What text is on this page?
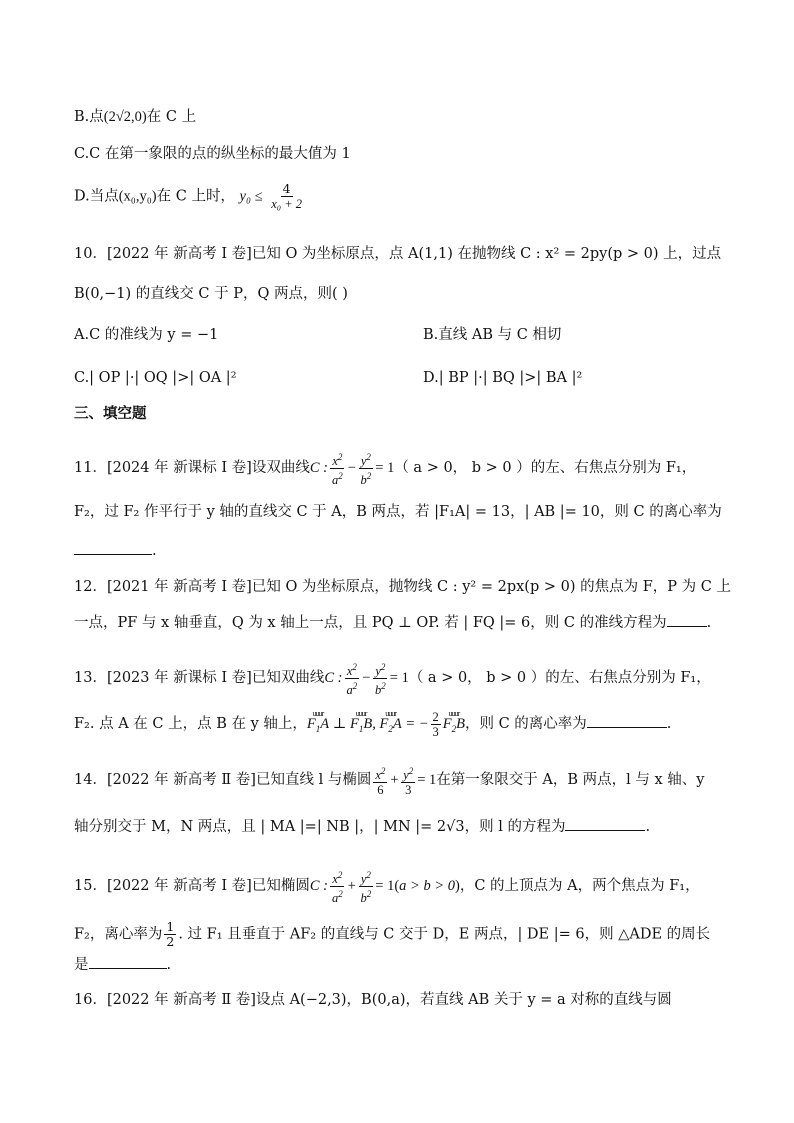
B.点(2√2,0)在 C 上
C.C 在第一象限的点的纵坐标的最大值为 1
D.当点(x₀,y₀)在 C 上时， $y_0 \le \frac{4}{\text{x₀ + 2}}$
10．[2022 年 新高考 I 卷]已知 O 为坐标原点，点 A(1,1) 在抛物线 C : x² = 2py(p > 0) 上，过点
B(0,−1) 的直线交 C 于 P，Q 两点，则( )
A.C 的准线为 y = −1	B.直线 AB 与 C 相切
C.| OP |·| OQ |>| OA |²	D.| BP |·| BQ |>| BA |²
三、填空题
11．[2024 年 新课标 I 卷]设双曲线C : $\frac{x^2}{a^2} - \frac{y^2}{b^2} = 1$（ a > 0， b > 0 ）的左、右焦点分别为 F₁，
F₂，过 F₂ 作平行于 y 轴的直线交 C 于 A，B 两点，若 |F₁A| = 13，| AB |= 10，则 C 的离心率为
.
12．[2021 年 新高考 I 卷]已知 O 为坐标原点，抛物线 C : y² = 2px(p > 0) 的焦点为 F，P 为 C 上
一点，PF 与 x 轴垂直，Q 为 x 轴上一点，且 PQ ⊥ OP. 若 | FQ |= 6，则 C 的准线方程为	.
13．[2023 年 新课标 I 卷]已知双曲线C : $\frac{x^2}{a^2} - \frac{y^2}{b^2} = 1$（ a > 0， b > 0 ）的左、右焦点分别为 F₁，
F₂. 点 A 在 C 上，点 B 在 y 轴上，
uuur
$F_1A$ ⊥
uuur
$F_1B$,
uuur
$F_2A$ = − $\frac{2}{3}$ uuur
$F_2B$，则 C 的离心率为	.
14．[2022 年 新高考 Ⅱ 卷]已知直线 l 与椭圆 $\frac{x^2}{6} + \frac{y^2}{3} = 1$在第一象限交于 A，B 两点，l 与 x 轴、y
轴分别交于 M，N 两点，且 | MA |=| NB |，| MN |= 2√3，则 l 的方程为	.
15．[2022 年 新高考 I 卷]已知椭圆C : $\frac{x^2}{a^2} + \frac{y^2}{b^2} = 1(a > b > 0)$，C 的上顶点为 A，两个焦点为 F₁，
F₂，离心率为 $\frac{1}{2}$ . 过 F₁ 且垂直于 AF₂ 的直线与 C 交于 D，E 两点，| DE |= 6，则 △ADE 的周长
是	.
16．[2022 年 新高考 Ⅱ 卷]设点 A(−2,3)，B(0,a)，若直线 AB 关于 y = a 对称的直线与圆
